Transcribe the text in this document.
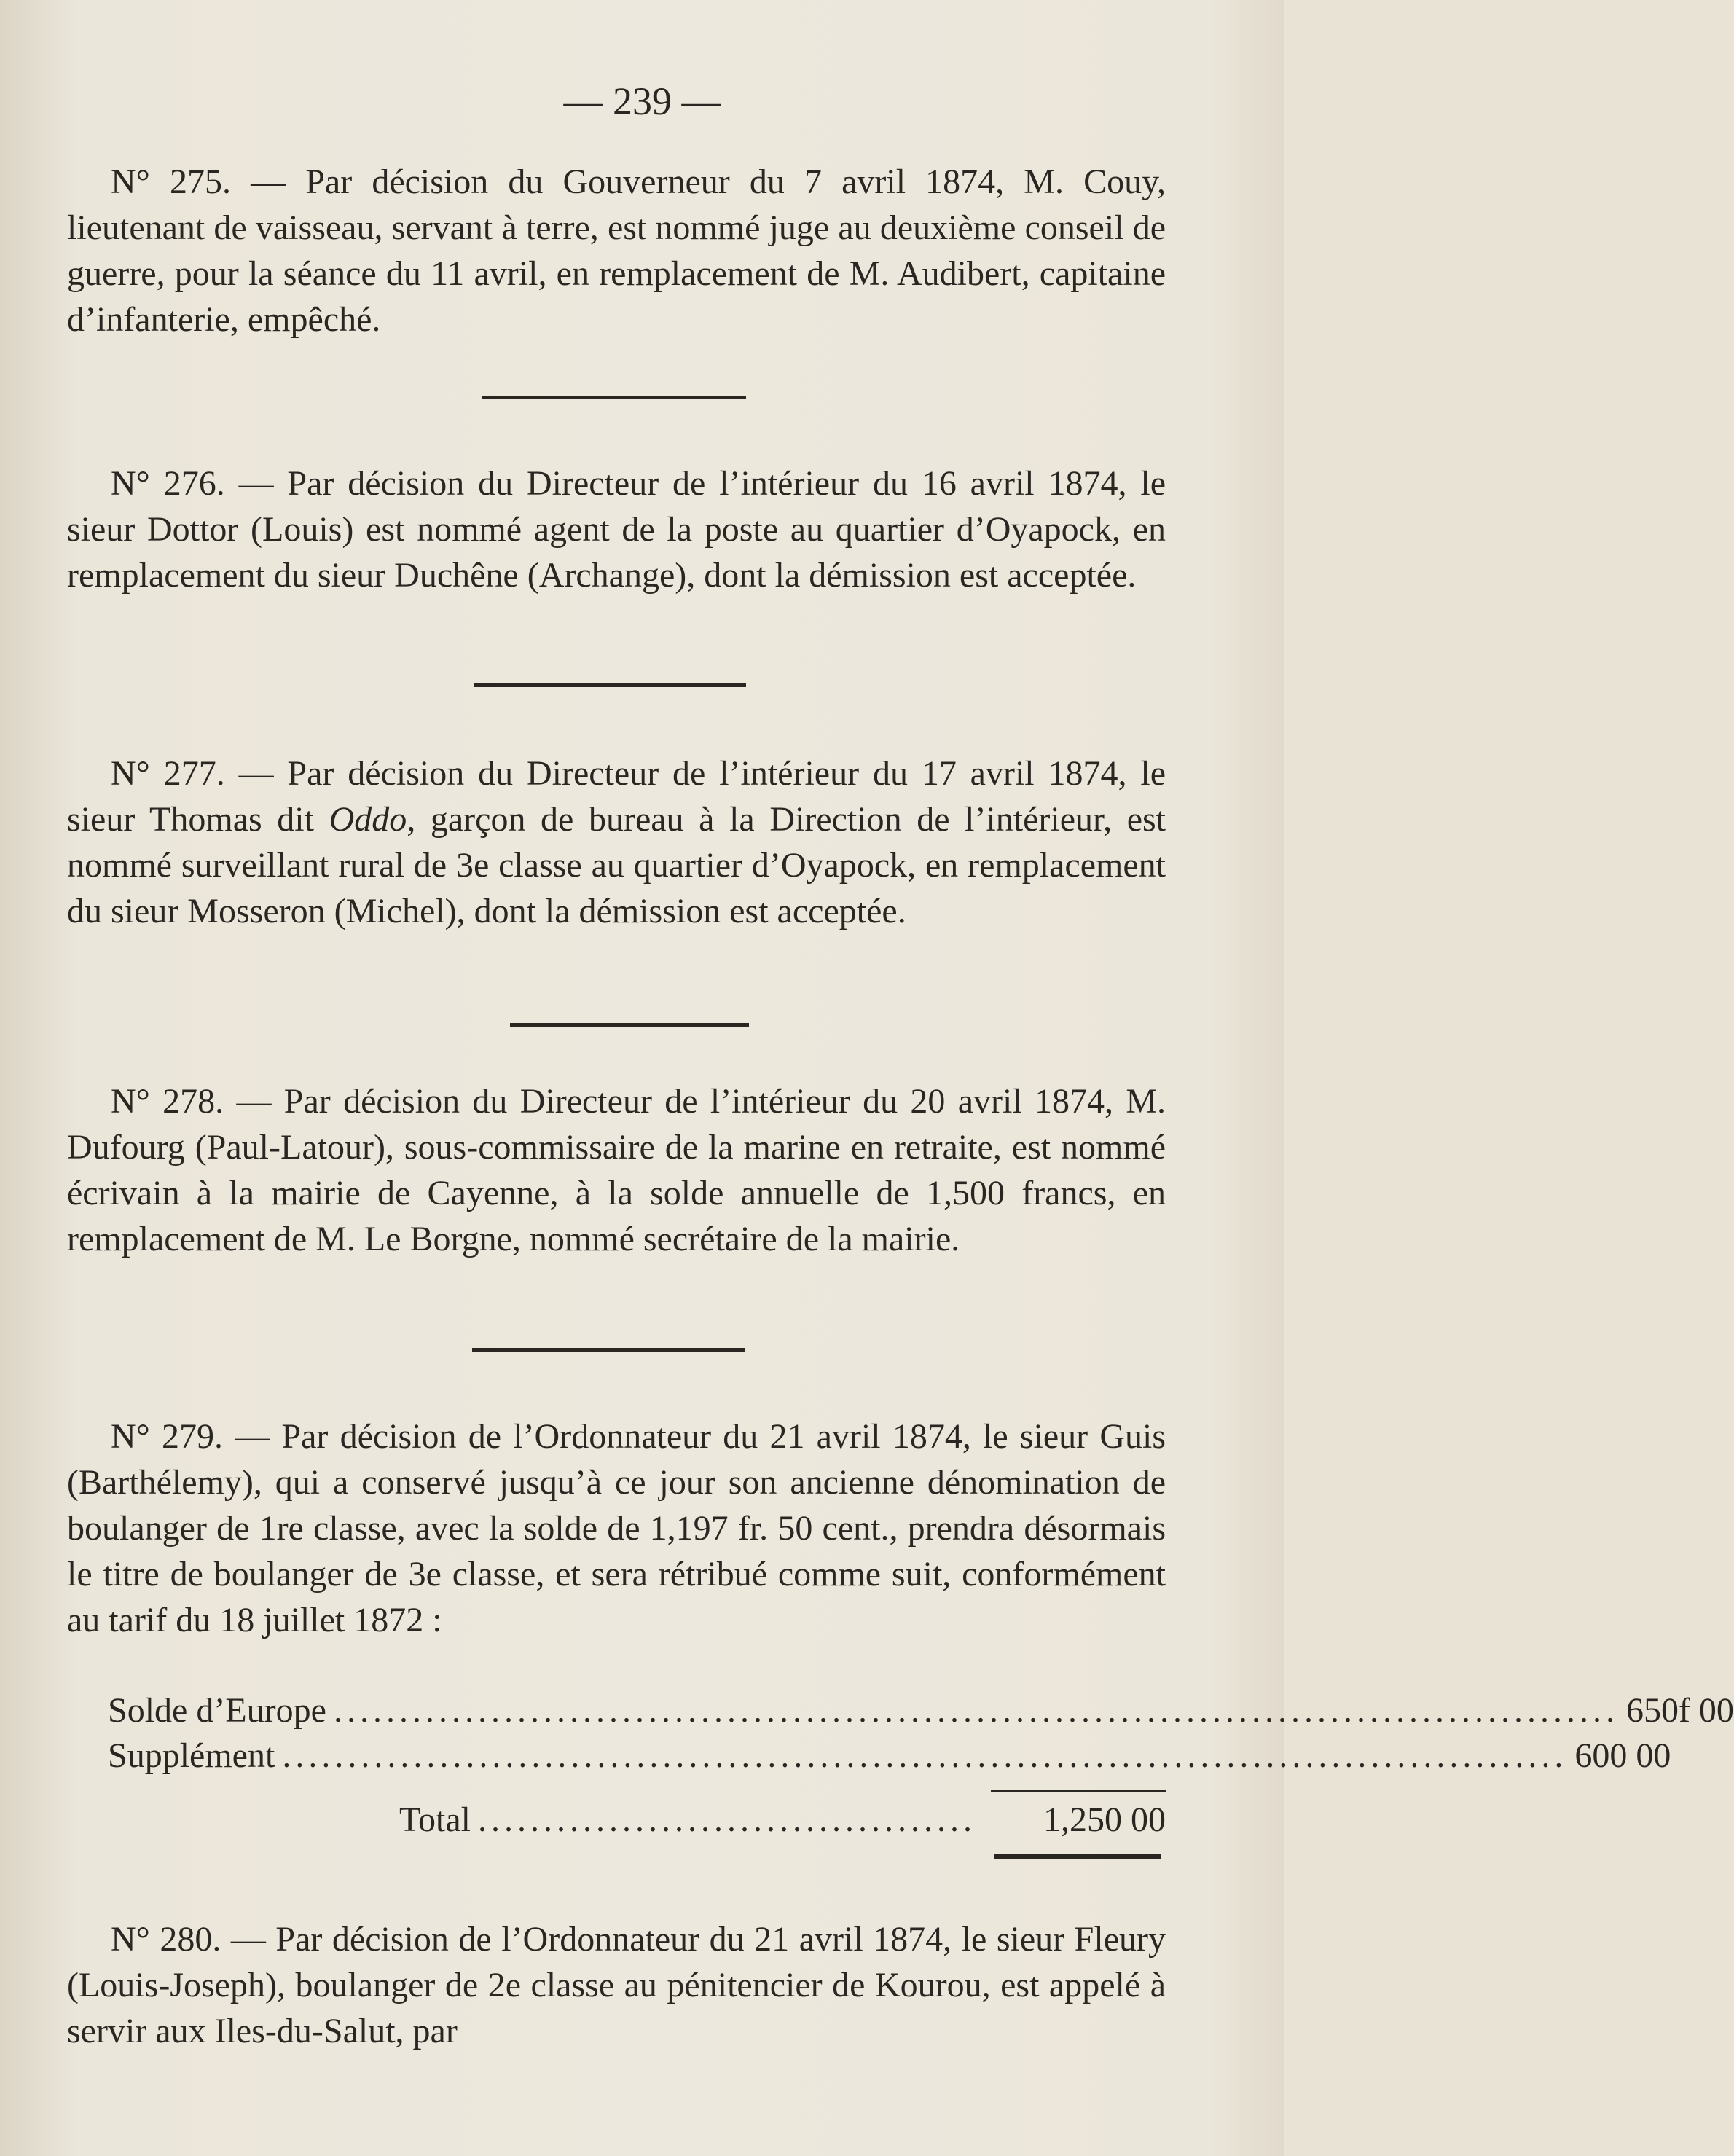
— 239 —

N° 275. — Par décision du Gouverneur du 7 avril 1874, M. Couy, lieutenant de vaisseau, servant à terre, est nommé juge au deuxième conseil de guerre, pour la séance du 11 avril, en remplacement de M. Audibert, capitaine d’infanterie, empêché.

N° 276. — Par décision du Directeur de l’intérieur du 16 avril 1874, le sieur Dottor (Louis) est nommé agent de la poste au quartier d’Oyapock, en remplacement du sieur Duchêne (Archange), dont la démission est acceptée.

N° 277. — Par décision du Directeur de l’intérieur du 17 avril 1874, le sieur Thomas dit Oddo, garçon de bureau à la Direction de l’intérieur, est nommé surveillant rural de 3e classe au quartier d’Oyapock, en remplacement du sieur Mosseron (Michel), dont la démission est acceptée.

N° 278. — Par décision du Directeur de l’intérieur du 20 avril 1874, M. Dufourg (Paul-Latour), sous-commissaire de la marine en retraite, est nommé écrivain à la mairie de Cayenne, à la solde annuelle de 1,500 francs, en remplacement de M. Le Borgne, nommé secrétaire de la mairie.

N° 279. — Par décision de l’Ordonnateur du 21 avril 1874, le sieur Guis (Barthélemy), qui a conservé jusqu’à ce jour son ancienne dénomination de boulanger de 1re classe, avec la solde de 1,197 fr. 50 cent., prendra désormais le titre de boulanger de 3e classe, et sera rétribué comme suit, conformément au tarif du 18 juillet 1872 :

Solde d’Europe .................................................................................................. 650f 00
Supplément .................................................................................................. 600 00
Total ......................................	1,250 00

N° 280. — Par décision de l’Ordonnateur du 21 avril 1874, le sieur Fleury (Louis-Joseph), boulanger de 2e classe au pénitencier de Kourou, est appelé à servir aux Iles-du-Salut, par
